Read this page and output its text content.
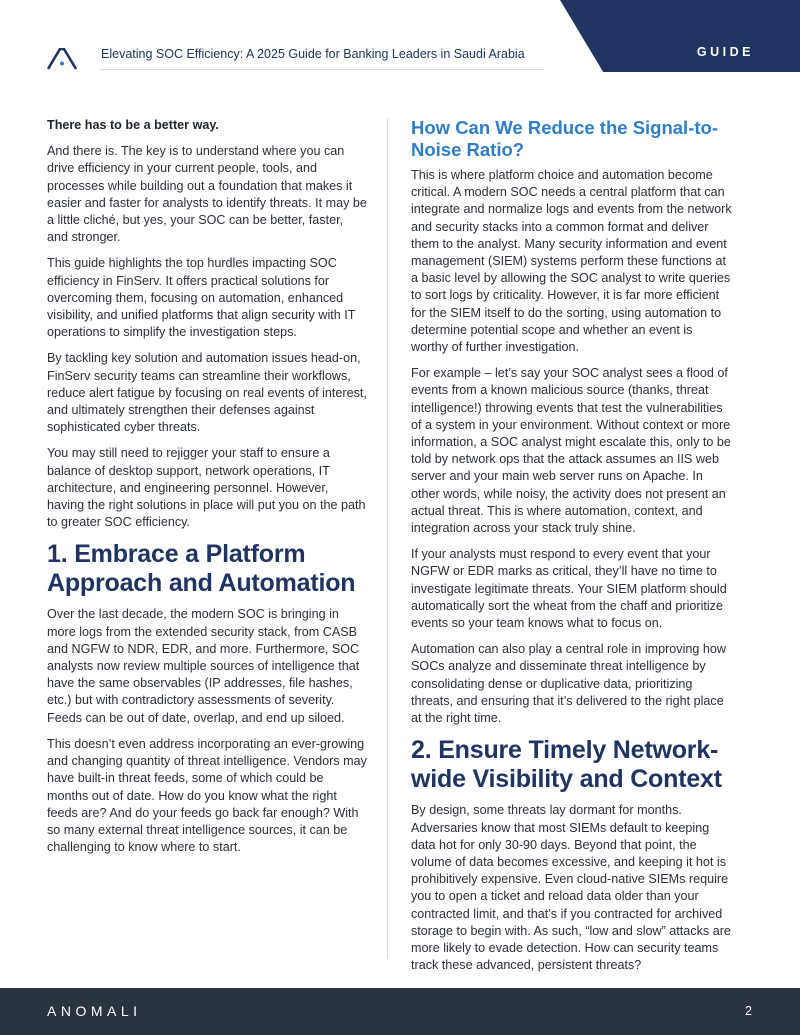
GUIDE
Elevating SOC Efficiency: A 2025 Guide for Banking Leaders in Saudi Arabia

There has to be a better way.

And there is. The key is to understand where you can drive efficiency in your current people, tools, and processes while building out a foundation that makes it easier and faster for analysts to identify threats. It may be a little cliché, but yes, your SOC can be better, faster, and stronger.

This guide highlights the top hurdles impacting SOC efficiency in FinServ. It offers practical solutions for overcoming them, focusing on automation, enhanced visibility, and unified platforms that align security with IT operations to simplify the investigation steps.

By tackling key solution and automation issues head-on, FinServ security teams can streamline their workflows, reduce alert fatigue by focusing on real events of interest, and ultimately strengthen their defenses against sophisticated cyber threats.

You may still need to rejigger your staff to ensure a balance of desktop support, network operations, IT architecture, and engineering personnel. However, having the right solutions in place will put you on the path to greater SOC efficiency.

1. Embrace a Platform Approach and Automation

Over the last decade, the modern SOC is bringing in more logs from the extended security stack, from CASB and NGFW to NDR, EDR, and more. Furthermore, SOC analysts now review multiple sources of intelligence that have the same observables (IP addresses, file hashes, etc.) but with contradictory assessments of severity. Feeds can be out of date, overlap, and end up siloed.

This doesn’t even address incorporating an ever-growing and changing quantity of threat intelligence. Vendors may have built-in threat feeds, some of which could be months out of date. How do you know what the right feeds are? And do your feeds go back far enough? With so many external threat intelligence sources, it can be challenging to know where to start.

How Can We Reduce the Signal-to-Noise Ratio?

This is where platform choice and automation become critical. A modern SOC needs a central platform that can integrate and normalize logs and events from the network and security stacks into a common format and deliver them to the analyst. Many security information and event management (SIEM) systems perform these functions at a basic level by allowing the SOC analyst to write queries to sort logs by criticality. However, it is far more efficient for the SIEM itself to do the sorting, using automation to determine potential scope and whether an event is worthy of further investigation.

For example – let’s say your SOC analyst sees a flood of events from a known malicious source (thanks, threat intelligence!) throwing events that test the vulnerabilities of a system in your environment. Without context or more information, a SOC analyst might escalate this, only to be told by network ops that the attack assumes an IIS web server and your main web server runs on Apache. In other words, while noisy, the activity does not present an actual threat. This is where automation, context, and integration across your stack truly shine.

If your analysts must respond to every event that your NGFW or EDR marks as critical, they’ll have no time to investigate legitimate threats. Your SIEM platform should automatically sort the wheat from the chaff and prioritize events so your team knows what to focus on.

Automation can also play a central role in improving how SOCs analyze and disseminate threat intelligence by consolidating dense or duplicative data, prioritizing threats, and ensuring that it’s delivered to the right place at the right time.

2. Ensure Timely Network-wide Visibility and Context

By design, some threats lay dormant for months. Adversaries know that most SIEMs default to keeping data hot for only 30-90 days. Beyond that point, the volume of data becomes excessive, and keeping it hot is prohibitively expensive. Even cloud-native SIEMs require you to open a ticket and reload data older than your contracted limit, and that’s if you contracted for archived storage to begin with. As such, “low and slow” attacks are more likely to evade detection. How can security teams track these advanced, persistent threats?

ANOMALI	2
